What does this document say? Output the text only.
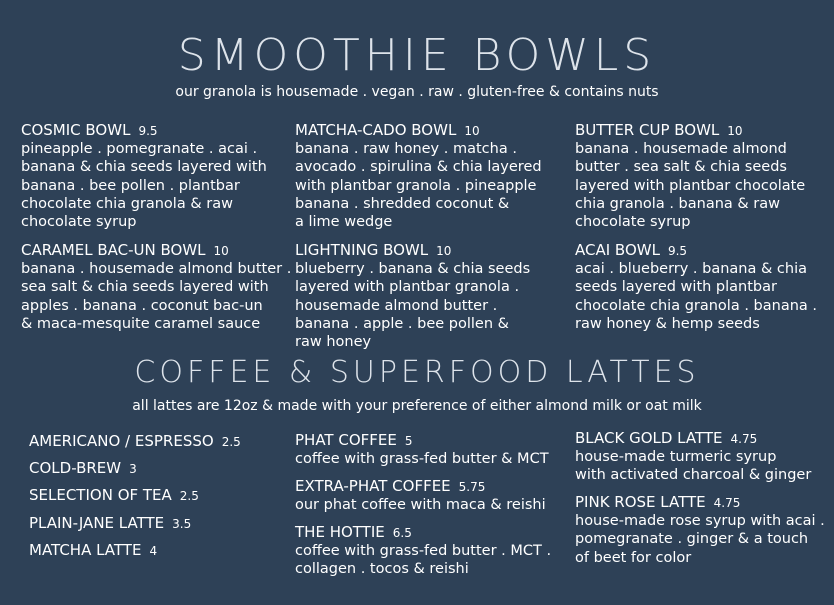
SMOOTHIE BOWLS
our granola is housemade . vegan . raw . gluten-free & contains nuts
COSMIC BOWL 9.5
pineapple . pomegranate . acai .
banana & chia seeds layered with
banana . bee pollen . plantbar
chocolate chia granola & raw
chocolate syrup
CARAMEL BAC-UN BOWL 10
banana . housemade almond butter .
sea salt & chia seeds layered with
apples . banana . coconut bac-un
& maca-mesquite caramel sauce
MATCHA-CADO BOWL 10
banana . raw honey . matcha .
avocado . spirulina & chia layered
with plantbar granola . pineapple
banana . shredded coconut &
a lime wedge
LIGHTNING BOWL 10
blueberry . banana & chia seeds
layered with plantbar granola .
housemade almond butter .
banana . apple . bee pollen &
raw honey
BUTTER CUP BOWL 10
banana . housemade almond
butter . sea salt & chia seeds
layered with plantbar chocolate
chia granola . banana & raw
chocolate syrup
ACAI BOWL 9.5
acai . blueberry . banana & chia
seeds layered with plantbar
chocolate chia granola . banana .
raw honey & hemp seeds
COFFEE & SUPERFOOD LATTES
all lattes are 12oz & made with your preference of either almond milk or oat milk
AMERICANO / ESPRESSO 2.5
COLD-BREW 3
SELECTION OF TEA 2.5
PLAIN-JANE LATTE 3.5
MATCHA LATTE 4
PHAT COFFEE 5
coffee with grass-fed butter & MCT
EXTRA-PHAT COFFEE 5.75
our phat coffee with maca & reishi
THE HOTTIE 6.5
coffee with grass-fed butter . MCT .
collagen . tocos & reishi
BLACK GOLD LATTE 4.75
house-made turmeric syrup
with activated charcoal & ginger
PINK ROSE LATTE 4.75
house-made rose syrup with acai .
pomegranate . ginger & a touch
of beet for color
